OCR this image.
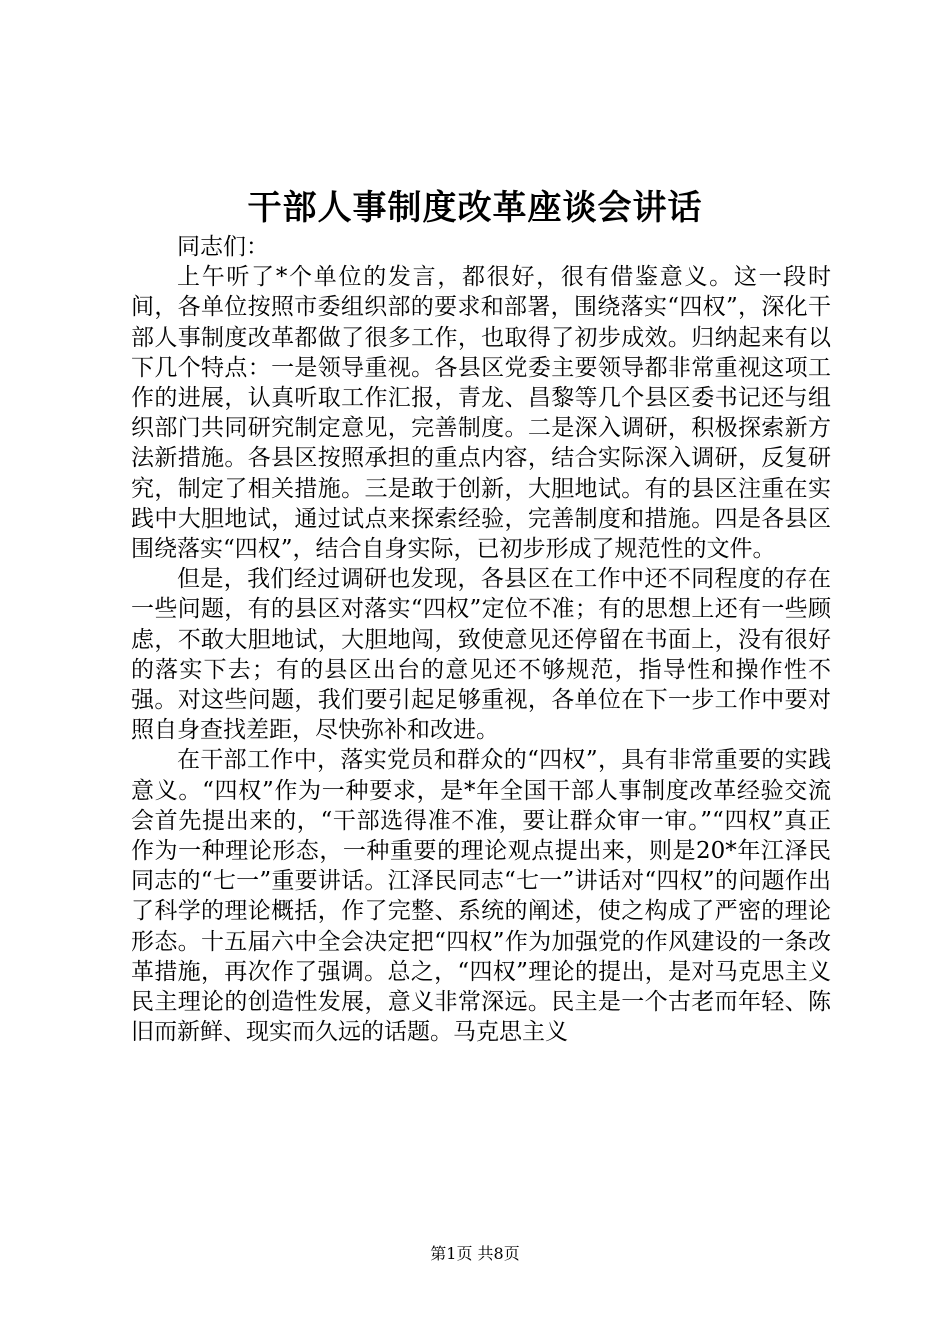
干部人事制度改革座谈会讲话

同志们：

上午听了*个单位的发言，都很好，很有借鉴意义。这一段时间，各单位按照市委组织部的要求和部署，围绕落实“四权”，深化干部人事制度改革都做了很多工作，也取得了初步成效。归纳起来有以下几个特点：一是领导重视。各县区党委主要领导都非常重视这项工作的进展，认真听取工作汇报，青龙、昌黎等几个县区委书记还与组织部门共同研究制定意见，完善制度。二是深入调研，积极探索新方法新措施。各县区按照承担的重点内容，结合实际深入调研，反复研究，制定了相关措施。三是敢于创新，大胆地试。有的县区注重在实践中大胆地试，通过试点来探索经验，完善制度和措施。四是各县区围绕落实“四权”，结合自身实际，已初步形成了规范性的文件。

但是，我们经过调研也发现，各县区在工作中还不同程度的存在一些问题，有的县区对落实“四权”定位不准；有的思想上还有一些顾虑，不敢大胆地试，大胆地闯，致使意见还停留在书面上，没有很好的落实下去；有的县区出台的意见还不够规范，指导性和操作性不强。对这些问题，我们要引起足够重视，各单位在下一步工作中要对照自身查找差距，尽快弥补和改进。

在干部工作中，落实党员和群众的“四权”，具有非常重要的实践意义。“四权”作为一种要求，是*年全国干部人事制度改革经验交流会首先提出来的，“干部选得准不准，要让群众审一审。”“四权”真正作为一种理论形态，一种重要的理论观点提出来，则是20*年江泽民同志的“七一”重要讲话。江泽民同志“七一”讲话对“四权”的问题作出了科学的理论概括，作了完整、系统的阐述，使之构成了严密的理论形态。十五届六中全会决定把“四权”作为加强党的作风建设的一条改革措施，再次作了强调。总之，“四权”理论的提出，是对马克思主义民主理论的创造性发展，意义非常深远。民主是一个古老而年轻、陈旧而新鲜、现实而久远的话题。马克思主义

第1页 共8页
